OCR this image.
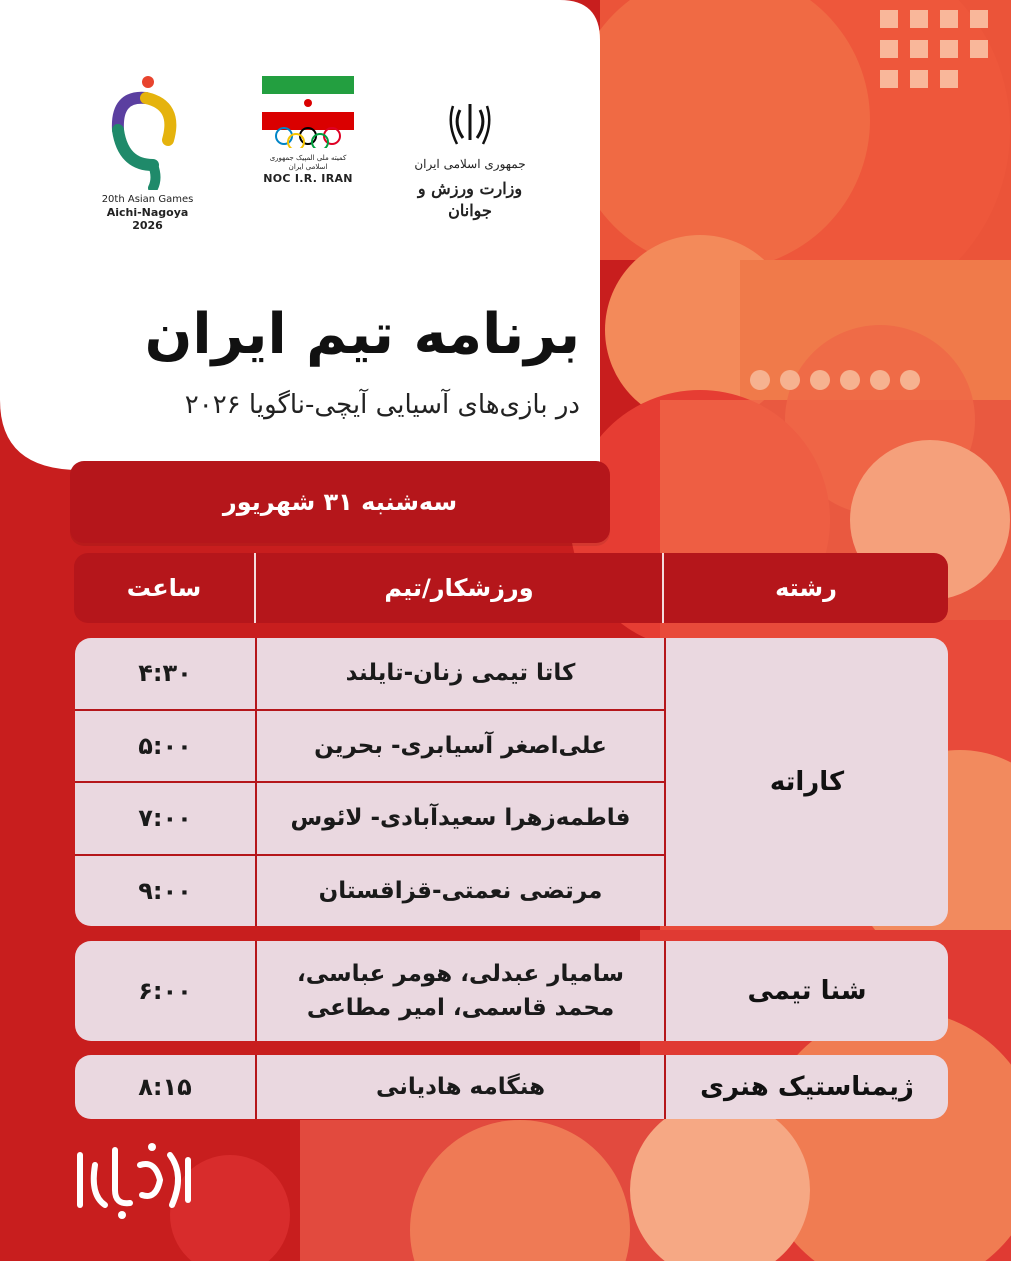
20th Asian Games
Aichi-Nagoya 2026
کمیته ملی المپیک جمهوری اسلامی ایران
NOC I.R. IRAN
جمهوری اسلامی ایران
وزارت ورزش و جوانان
برنامه تیم ایران
در بازی‌های آسیایی آیچی-ناگویا ۲۰۲۶
سه‌شنبه ۳۱ شهریور
رشته
ورزشکار/تیم
ساعت
کاراته
کاتا تیمی زنان-تایلند
۴:۳۰
علی‌اصغر آسیابری- بحرین
۵:۰۰
فاطمه‌زهرا سعیدآبادی- لائوس
۷:۰۰
مرتضی نعمتی-قزاقستان
۹:۰۰
شنا تیمی
سامیار عبدلی، هومر عباسی، محمد قاسمی، امیر مطاعی
۶:۰۰
ژیمناستیک هنری
هنگامه هادیانی
۸:۱۵
